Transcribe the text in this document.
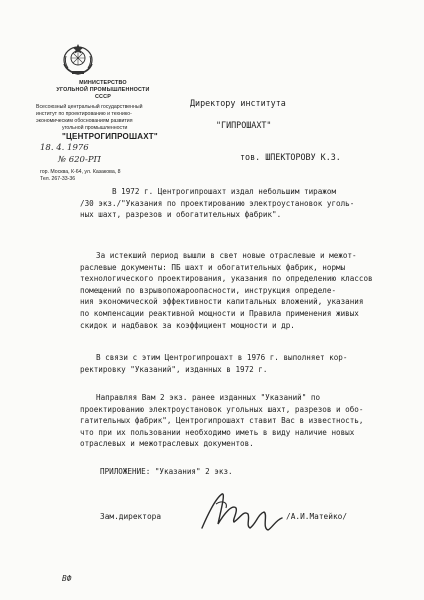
МИНИСТЕРСТВО
УГОЛЬНОЙ ПРОМЫШЛЕННОСТИ
СССР
Всесоюзный центральный государственный
институт по проектированию и технико-
экономическим обоснованиям развития
угольной промышленности
"ЦЕНТРОГИПРОШАХТ"
18. 4. 1976
№ 620-РП
гор. Москва, К-64, ул. Казакова, 8
Тел. 267-33-36
Директору института
"ГИПРОШАХТ"
тов. ШПЕКТОРОВУ К.З.
В 1972 г. Центрогипрошахт издал небольшим тиражом
/30 экз./"Указания по проектированию электроустановок уголь-
ных шахт, разрезов и обогатительных фабрик".
За истекший период вышли в свет новые отраслевые и межот-
раслевые документы: ПБ шахт и обогатительных фабрик, нормы
технологического проектирования, указания по определению классов
помещений по взрывопожароопасности, инструкция определе-
ния экономической эффективности капитальных вложений, указания
по компенсации реактивной мощности и Правила применения живых
скидок и надбавок за коэффициент мощности и др.
В связи с этим Центрогипрошахт в 1976 г. выполняет кор-
ректировку "Указаний", изданных в 1972 г.
Направляя Вам 2 экз. ранее изданных "Указаний" по
проектированию электроустановок угольных шахт, разрезов и обо-
гатительных фабрик", Центрогипрошахт ставит Вас в известность,
что при их пользовании необходимо иметь в виду наличие новых
отраслевых и межотраслевых документов.
ПРИЛОЖЕНИЕ: "Указания" 2 экз.
Зам.директора	/А.И.Матейко/
ВФ
